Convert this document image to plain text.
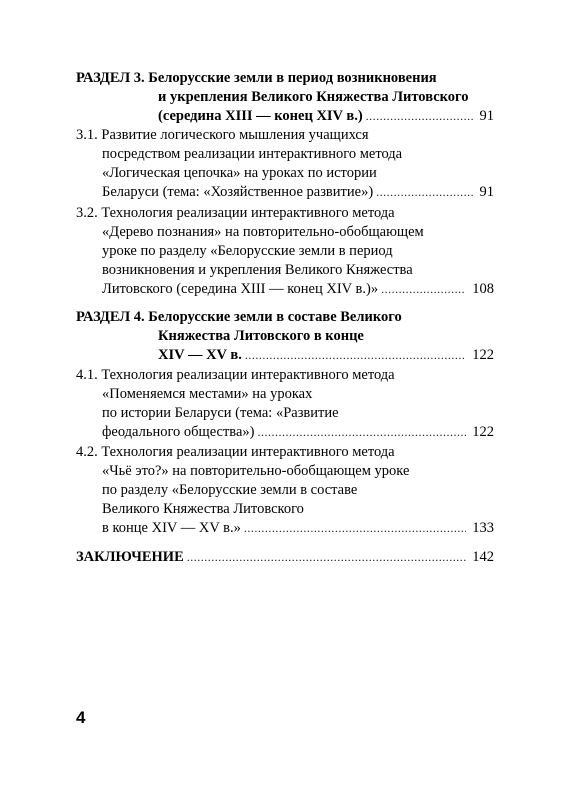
РАЗДЕЛ 3. Белорусские земли в период возникновения
и укрепления Великого Княжества Литовского
(середина XIII — конец XIV в.) .....	91
3.1. Развитие логического мышления учащихся
посредством реализации интерактивного метода
«Логическая цепочка» на уроках по истории
Беларуси (тема: «Хозяйственное развитие») .....	91
3.2. Технология реализации интерактивного метода
«Дерево познания» на повторительно-обобщающем
уроке по разделу «Белорусские земли в период
возникновения и укрепления Великого Княжества
Литовского (середина XIII — конец XIV в.)» .....	108
РАЗДЕЛ 4. Белорусские земли в составе Великого
Княжества Литовского в конце
XIV — XV в. .....	122
4.1. Технология реализации интерактивного метода
«Поменяемся местами» на уроках
по истории Беларуси (тема: «Развитие
феодального общества») .....	122
4.2. Технология реализации интерактивного метода
«Чьё это?» на повторительно-обобщающем уроке
по разделу «Белорусские земли в составе
Великого Княжества Литовского
в конце XIV — XV в.» .....	133
ЗАКЛЮЧЕНИЕ .....	142
4
